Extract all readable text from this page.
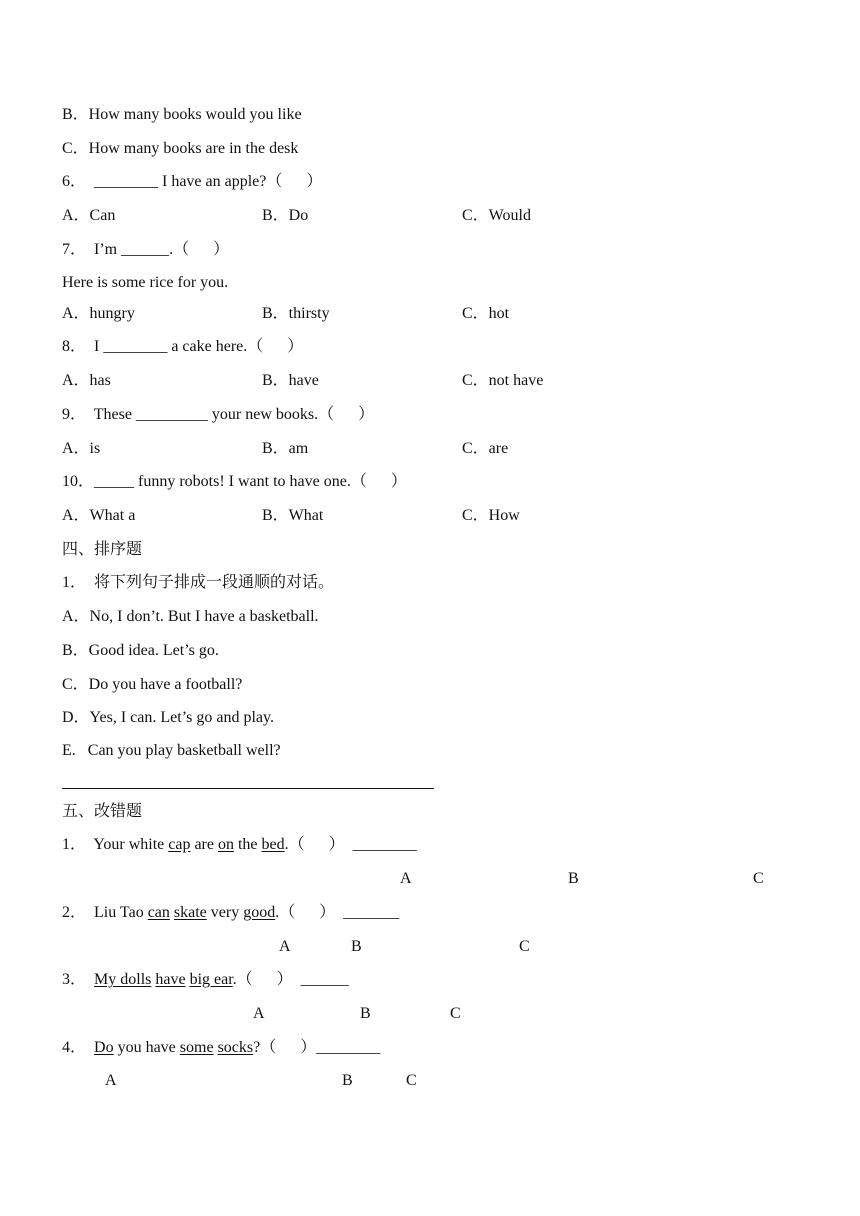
B．How many books would you like
C．How many books are in the desk
6．  ________ I have an apple?（      ）
A．Can	B．Do	C．Would
7．  I’m ______.（      ）
Here is some rice for you.
A．hungry	B．thirsty	C．hot
8．  I ________ a cake here.（      ）
A．has	B．have	C．not have
9．  These _________ your new books.（      ）
A．is	B．am	C．are
10．_____ funny robots! I want to have one.（      ）
A．What a	B．What	C．How
四、排序题
1．  将下列句子排成一段通顺的对话。
A．No, I don’t. But I have a basketball.
B．Good idea. Let’s go.
C．Do you have a football?
D．Yes, I can. Let’s go and play.
E.   Can you play basketball well?
五、改错题
1．  Your white cap are on the bed.（      ）  ________
A	B	C
2．  Liu Tao can skate very good.（      ）  _______
A	B	C
3．  My dolls have big ear.（      ）  ______
A	B	C
4．  Do you have some socks?（      ）________
A	B	C
